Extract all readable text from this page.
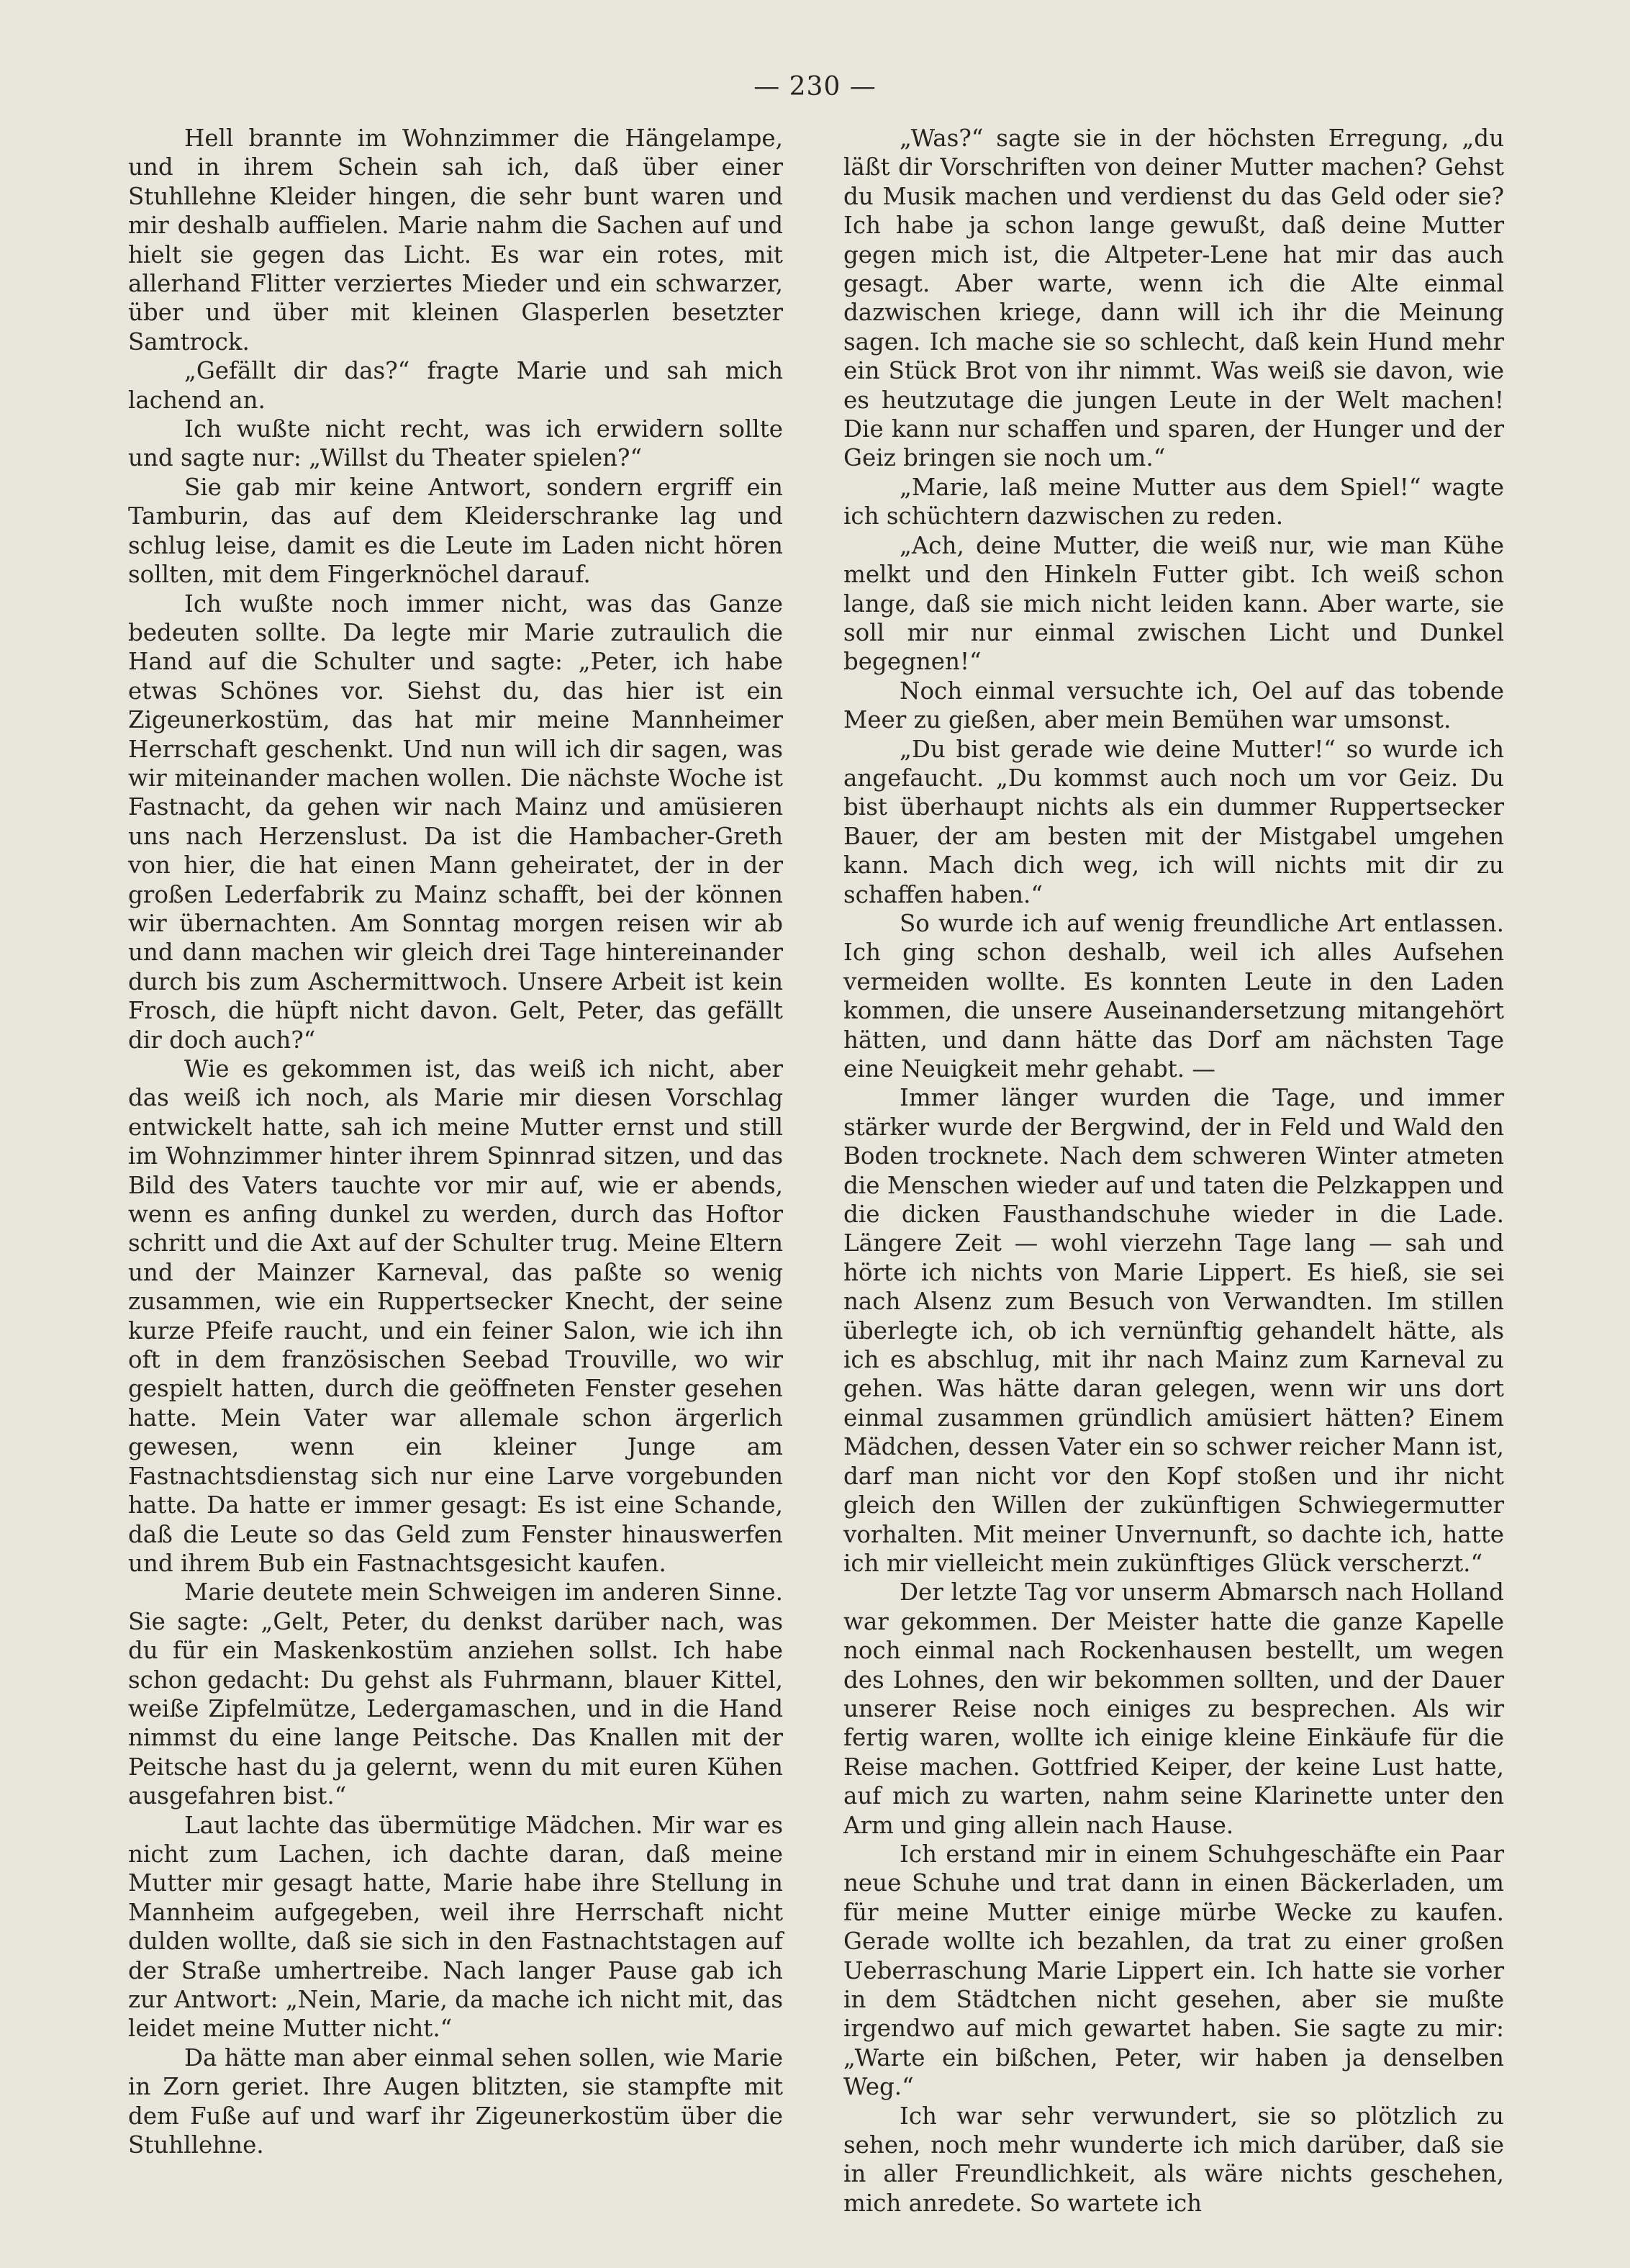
— 230 —

Hell brannte im Wohnzimmer die Hängelampe, und in ihrem Schein sah ich, daß über einer Stuhllehne Kleider hingen, die sehr bunt waren und mir deshalb auffielen. Marie nahm die Sachen auf und hielt sie gegen das Licht. Es war ein rotes, mit allerhand Flitter verziertes Mieder und ein schwarzer, über und über mit kleinen Glasperlen besetzter Samtrock.

„Gefällt dir das?“ fragte Marie und sah mich lachend an.

Ich wußte nicht recht, was ich erwidern sollte und sagte nur: „Willst du Theater spielen?“

Sie gab mir keine Antwort, sondern ergriff ein Tamburin, das auf dem Kleiderschranke lag und schlug leise, damit es die Leute im Laden nicht hören sollten, mit dem Fingerknöchel darauf.

Ich wußte noch immer nicht, was das Ganze bedeuten sollte. Da legte mir Marie zutraulich die Hand auf die Schulter und sagte: „Peter, ich habe etwas Schönes vor. Siehst du, das hier ist ein Zigeunerkostüm, das hat mir meine Mannheimer Herrschaft geschenkt. Und nun will ich dir sagen, was wir miteinander machen wollen. Die nächste Woche ist Fastnacht, da gehen wir nach Mainz und amüsieren uns nach Herzenslust. Da ist die Hambacher-Greth von hier, die hat einen Mann geheiratet, der in der großen Lederfabrik zu Mainz schafft, bei der können wir übernachten. Am Sonntag morgen reisen wir ab und dann machen wir gleich drei Tage hintereinander durch bis zum Aschermittwoch. Unsere Arbeit ist kein Frosch, die hüpft nicht davon. Gelt, Peter, das gefällt dir doch auch?“

Wie es gekommen ist, das weiß ich nicht, aber das weiß ich noch, als Marie mir diesen Vorschlag entwickelt hatte, sah ich meine Mutter ernst und still im Wohnzimmer hinter ihrem Spinnrad sitzen, und das Bild des Vaters tauchte vor mir auf, wie er abends, wenn es anfing dunkel zu werden, durch das Hoftor schritt und die Axt auf der Schulter trug. Meine Eltern und der Mainzer Karneval, das paßte so wenig zusammen, wie ein Ruppertsecker Knecht, der seine kurze Pfeife raucht, und ein feiner Salon, wie ich ihn oft in dem französischen Seebad Trouville, wo wir gespielt hatten, durch die geöffneten Fenster gesehen hatte. Mein Vater war allemale schon ärgerlich gewesen, wenn ein kleiner Junge am Fastnachtsdienstag sich nur eine Larve vorgebunden hatte. Da hatte er immer gesagt: Es ist eine Schande, daß die Leute so das Geld zum Fenster hinauswerfen und ihrem Bub ein Fastnachtsgesicht kaufen.

Marie deutete mein Schweigen im anderen Sinne. Sie sagte: „Gelt, Peter, du denkst darüber nach, was du für ein Maskenkostüm anziehen sollst. Ich habe schon gedacht: Du gehst als Fuhrmann, blauer Kittel, weiße Zipfelmütze, Ledergamaschen, und in die Hand nimmst du eine lange Peitsche. Das Knallen mit der Peitsche hast du ja gelernt, wenn du mit euren Kühen ausgefahren bist.“

Laut lachte das übermütige Mädchen. Mir war es nicht zum Lachen, ich dachte daran, daß meine Mutter mir gesagt hatte, Marie habe ihre Stellung in Mannheim aufgegeben, weil ihre Herrschaft nicht dulden wollte, daß sie sich in den Fastnachtstagen auf der Straße umhertreibe. Nach langer Pause gab ich zur Antwort: „Nein, Marie, da mache ich nicht mit, das leidet meine Mutter nicht.“

Da hätte man aber einmal sehen sollen, wie Marie in Zorn geriet. Ihre Augen blitzten, sie stampfte mit dem Fuße auf und warf ihr Zigeunerkostüm über die Stuhllehne.

„Was?“ sagte sie in der höchsten Erregung, „du läßt dir Vorschriften von deiner Mutter machen? Gehst du Musik machen und verdienst du das Geld oder sie? Ich habe ja schon lange gewußt, daß deine Mutter gegen mich ist, die Altpeter-Lene hat mir das auch gesagt. Aber warte, wenn ich die Alte einmal dazwischen kriege, dann will ich ihr die Meinung sagen. Ich mache sie so schlecht, daß kein Hund mehr ein Stück Brot von ihr nimmt. Was weiß sie davon, wie es heutzutage die jungen Leute in der Welt machen! Die kann nur schaffen und sparen, der Hunger und der Geiz bringen sie noch um.“

„Marie, laß meine Mutter aus dem Spiel!“ wagte ich schüchtern dazwischen zu reden.

„Ach, deine Mutter, die weiß nur, wie man Kühe melkt und den Hinkeln Futter gibt. Ich weiß schon lange, daß sie mich nicht leiden kann. Aber warte, sie soll mir nur einmal zwischen Licht und Dunkel begegnen!“

Noch einmal versuchte ich, Oel auf das tobende Meer zu gießen, aber mein Bemühen war umsonst.

„Du bist gerade wie deine Mutter!“ so wurde ich angefaucht. „Du kommst auch noch um vor Geiz. Du bist überhaupt nichts als ein dummer Ruppertsecker Bauer, der am besten mit der Mistgabel umgehen kann. Mach dich weg, ich will nichts mit dir zu schaffen haben.“

So wurde ich auf wenig freundliche Art entlassen. Ich ging schon deshalb, weil ich alles Aufsehen vermeiden wollte. Es konnten Leute in den Laden kommen, die unsere Auseinandersetzung mitangehört hätten, und dann hätte das Dorf am nächsten Tage eine Neuigkeit mehr gehabt. —

Immer länger wurden die Tage, und immer stärker wurde der Bergwind, der in Feld und Wald den Boden trocknete. Nach dem schweren Winter atmeten die Menschen wieder auf und taten die Pelzkappen und die dicken Fausthandschuhe wieder in die Lade. Längere Zeit — wohl vierzehn Tage lang — sah und hörte ich nichts von Marie Lippert. Es hieß, sie sei nach Alsenz zum Besuch von Verwandten. Im stillen überlegte ich, ob ich vernünftig gehandelt hätte, als ich es abschlug, mit ihr nach Mainz zum Karneval zu gehen. Was hätte daran gelegen, wenn wir uns dort einmal zusammen gründlich amüsiert hätten? Einem Mädchen, dessen Vater ein so schwer reicher Mann ist, darf man nicht vor den Kopf stoßen und ihr nicht gleich den Willen der zukünftigen Schwiegermutter vorhalten. Mit meiner Unvernunft, so dachte ich, hatte ich mir vielleicht mein zukünftiges Glück verscherzt.“

Der letzte Tag vor unserm Abmarsch nach Holland war gekommen. Der Meister hatte die ganze Kapelle noch einmal nach Rockenhausen bestellt, um wegen des Lohnes, den wir bekommen sollten, und der Dauer unserer Reise noch einiges zu besprechen. Als wir fertig waren, wollte ich einige kleine Einkäufe für die Reise machen. Gottfried Keiper, der keine Lust hatte, auf mich zu warten, nahm seine Klarinette unter den Arm und ging allein nach Hause.

Ich erstand mir in einem Schuhgeschäfte ein Paar neue Schuhe und trat dann in einen Bäckerladen, um für meine Mutter einige mürbe Wecke zu kaufen. Gerade wollte ich bezahlen, da trat zu einer großen Ueberraschung Marie Lippert ein. Ich hatte sie vorher in dem Städtchen nicht gesehen, aber sie mußte irgendwo auf mich gewartet haben. Sie sagte zu mir: „Warte ein bißchen, Peter, wir haben ja denselben Weg.“

Ich war sehr verwundert, sie so plötzlich zu sehen, noch mehr wunderte ich mich darüber, daß sie in aller Freundlichkeit, als wäre nichts geschehen, mich anredete. So wartete ich
